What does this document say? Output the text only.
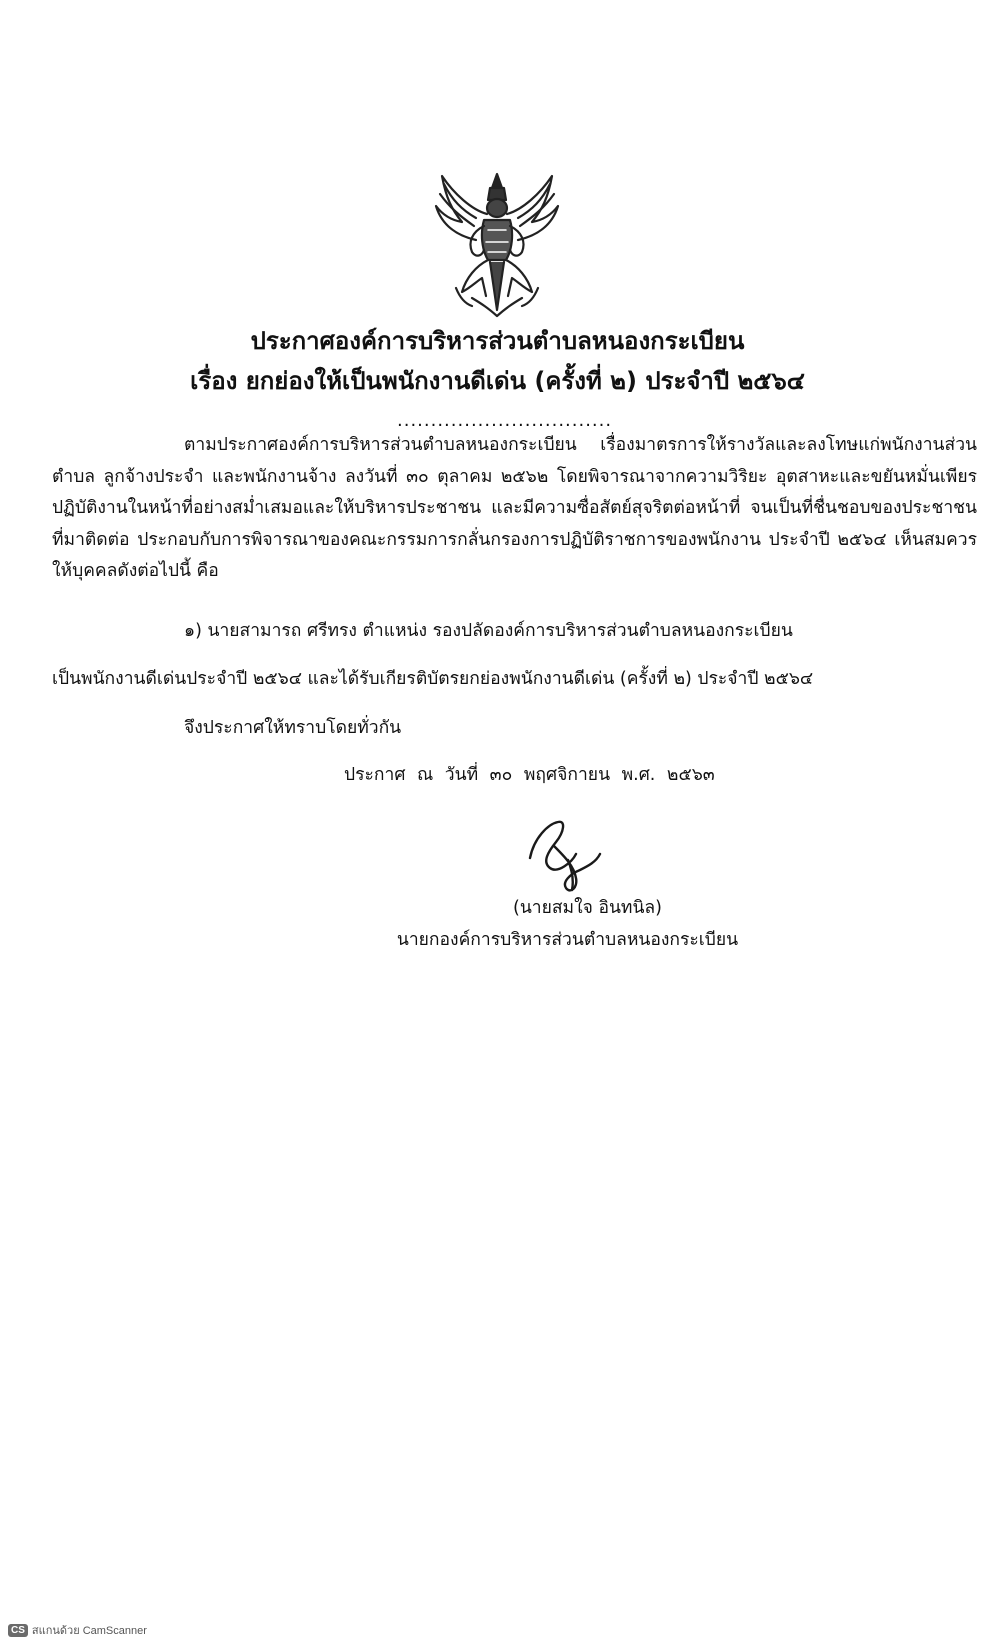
ประกาศองค์การบริหารส่วนตำบลหนองกระเบียน
เรื่อง ยกย่องให้เป็นพนักงานดีเด่น (ครั้งที่ ๒) ประจำปี ๒๕๖๔
................................
ตามประกาศองค์การบริหารส่วนตำบลหนองกระเบียน เรื่องมาตรการให้รางวัลและลงโทษแก่พนักงานส่วนตำบล ลูกจ้างประจำ และพนักงานจ้าง ลงวันที่ ๓๐ ตุลาคม ๒๕๖๒ โดยพิจารณาจากความวิริยะ อุตสาหะและขยันหมั่นเพียรปฏิบัติงานในหน้าที่อย่างสม่ำเสมอและให้บริหารประชาชน และมีความซื่อสัตย์สุจริตต่อหน้าที่ จนเป็นที่ชื่นชอบของประชาชนที่มาติดต่อ ประกอบกับการพิจารณาของคณะกรรมการกลั่นกรองการปฏิบัติราชการของพนักงาน ประจำปี ๒๕๖๔ เห็นสมควรให้บุคคลดังต่อไปนี้ คือ
๑) นายสามารถ ศรีทรง ตำแหน่ง รองปลัดองค์การบริหารส่วนตำบลหนองกระเบียน
เป็นพนักงานดีเด่นประจำปี ๒๕๖๔ และได้รับเกียรติบัตรยกย่องพนักงานดีเด่น (ครั้งที่ ๒) ประจำปี ๒๕๖๔
จึงประกาศให้ทราบโดยทั่วกัน
ประกาศ ณ วันที่ ๓๐ พฤศจิกายน พ.ศ. ๒๕๖๓
(นายสมใจ อินทนิล)
นายกองค์การบริหารส่วนตำบลหนองกระเบียน
CS สแกนด้วย CamScanner
